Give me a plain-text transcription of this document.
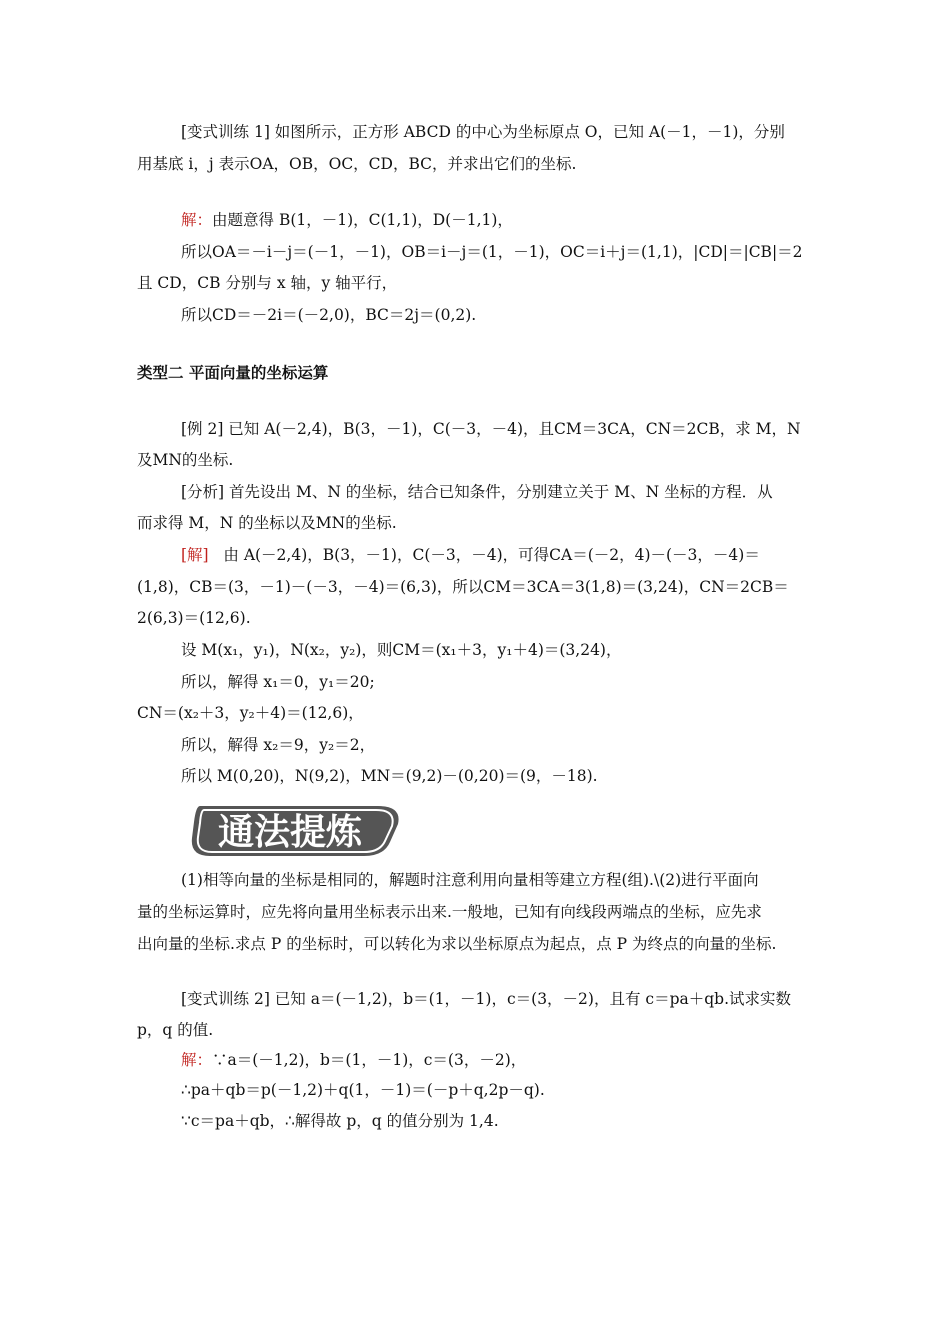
[变式训练 1] 如图所示，正方形 ABCD 的中心为坐标原点 O，已知 A(－1，－1)，分别
用基底 i，j 表示OA，OB，OC，CD，BC，并求出它们的坐标.
解：由题意得 B(1，－1)，C(1,1)，D(－1,1)，
所以OA＝－i－j＝(－1，－1)，OB＝i－j＝(1，－1)，OC＝i＋j＝(1,1)，|CD|＝|CB|＝2
且 CD，CB 分别与 x 轴，y 轴平行，
所以CD＝－2i＝(－2,0)，BC＝2j＝(0,2).
类型二 平面向量的坐标运算
[例 2] 已知 A(－2,4)，B(3，－1)，C(－3，－4)，且CM＝3CA，CN＝2CB，求 M，N
及MN的坐标.
[分析] 首先设出 M、N 的坐标，结合已知条件，分别建立关于 M、N 坐标的方程．从
而求得 M，N 的坐标以及MN的坐标.
[解] 由 A(－2,4)，B(3，－1)，C(－3，－4)，可得CA＝(－2，4)－(－3，－4)＝
(1,8)，CB＝(3，－1)－(－3，－4)＝(6,3)，所以CM＝3CA＝3(1,8)＝(3,24)，CN＝2CB＝
2(6,3)＝(12,6).
设 M(x₁，y₁)，N(x₂，y₂)，则CM＝(x₁＋3，y₁＋4)＝(3,24)，
所以，解得 x₁＝0，y₁＝20;
CN＝(x₂＋3，y₂＋4)＝(12,6)，
所以，解得 x₂＝9，y₂＝2，
所以 M(0,20)，N(9,2)，MN＝(9,2)－(0,20)＝(9，－18).
通法提炼
(1)相等向量的坐标是相同的，解题时注意利用向量相等建立方程(组).\(2)进行平面向
量的坐标运算时，应先将向量用坐标表示出来.一般地，已知有向线段两端点的坐标，应先求
出向量的坐标.求点 P 的坐标时，可以转化为求以坐标原点为起点，点 P 为终点的向量的坐标.
[变式训练 2] 已知 a＝(－1,2)，b＝(1，－1)，c＝(3，－2)，且有 c＝pa＋qb.试求实数
p，q 的值.
解：∵a＝(－1,2)，b＝(1，－1)，c＝(3，－2)，
∴pa＋qb＝p(－1,2)＋q(1，－1)＝(－p＋q,2p－q).
∵c＝pa＋qb，∴解得故 p，q 的值分别为 1,4.
